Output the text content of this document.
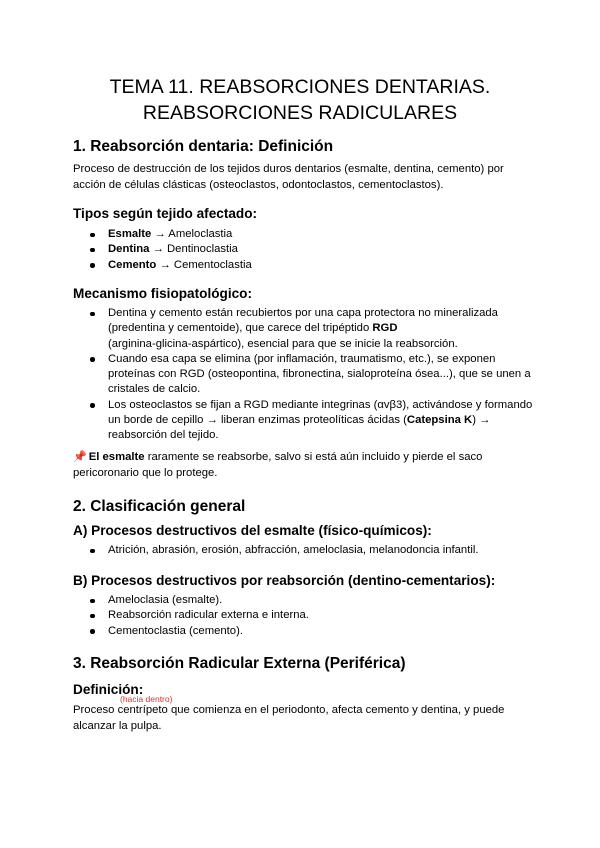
TEMA 11. REABSORCIONES DENTARIAS.
REABSORCIONES RADICULARES
1. Reabsorción dentaria: Definición

Proceso de destrucción de los tejidos duros dentarios (esmalte, dentina, cemento) por
acción de células clásticas (osteoclastos, odontoclastos, cementoclastos).

Tipos según tejido afectado:
Esmalte → Ameloclastia
Dentina → Dentinoclastia
Cemento → Cementoclastia
Mecanismo fisiopatológico:
Dentina y cemento están recubiertos por una capa protectora no mineralizada
(predentina y cementoide), que carece del tripéptido RGD
(arginina-glicina-aspártico), esencial para que se inicie la reabsorción.
Cuando esa capa se elimina (por inflamación, traumatismo, etc.), se exponen
proteínas con RGD (osteopontina, fibronectina, sialoproteína ósea...), que se unen a
cristales de calcio.
Los osteoclastos se fijan a RGD mediante integrinas (αvβ3), activándose y formando
un borde de cepillo → liberan enzimas proteolíticas ácidas (Catepsina K) →
reabsorción del tejido.

📌 El esmalte raramente se reabsorbe, salvo si está aún incluido y pierde el saco
pericoronario que lo protege.

2. Clasificación general
A) Procesos destructivos del esmalte (físico-químicos):
Atrición, abrasión, erosión, abfracción, ameloclasia, melanodoncia infantil.
B) Procesos destructivos por reabsorción (dentino-cementarios):
Ameloclasia (esmalte).
Reabsorción radicular externa e interna.
Cementoclastia (cemento).
3. Reabsorción Radicular Externa (Periférica)
Definición:
(hacia dentro)

Proceso centrípeto que comienza en el periodonto, afecta cemento y dentina, y puede
alcanzar la pulpa.
